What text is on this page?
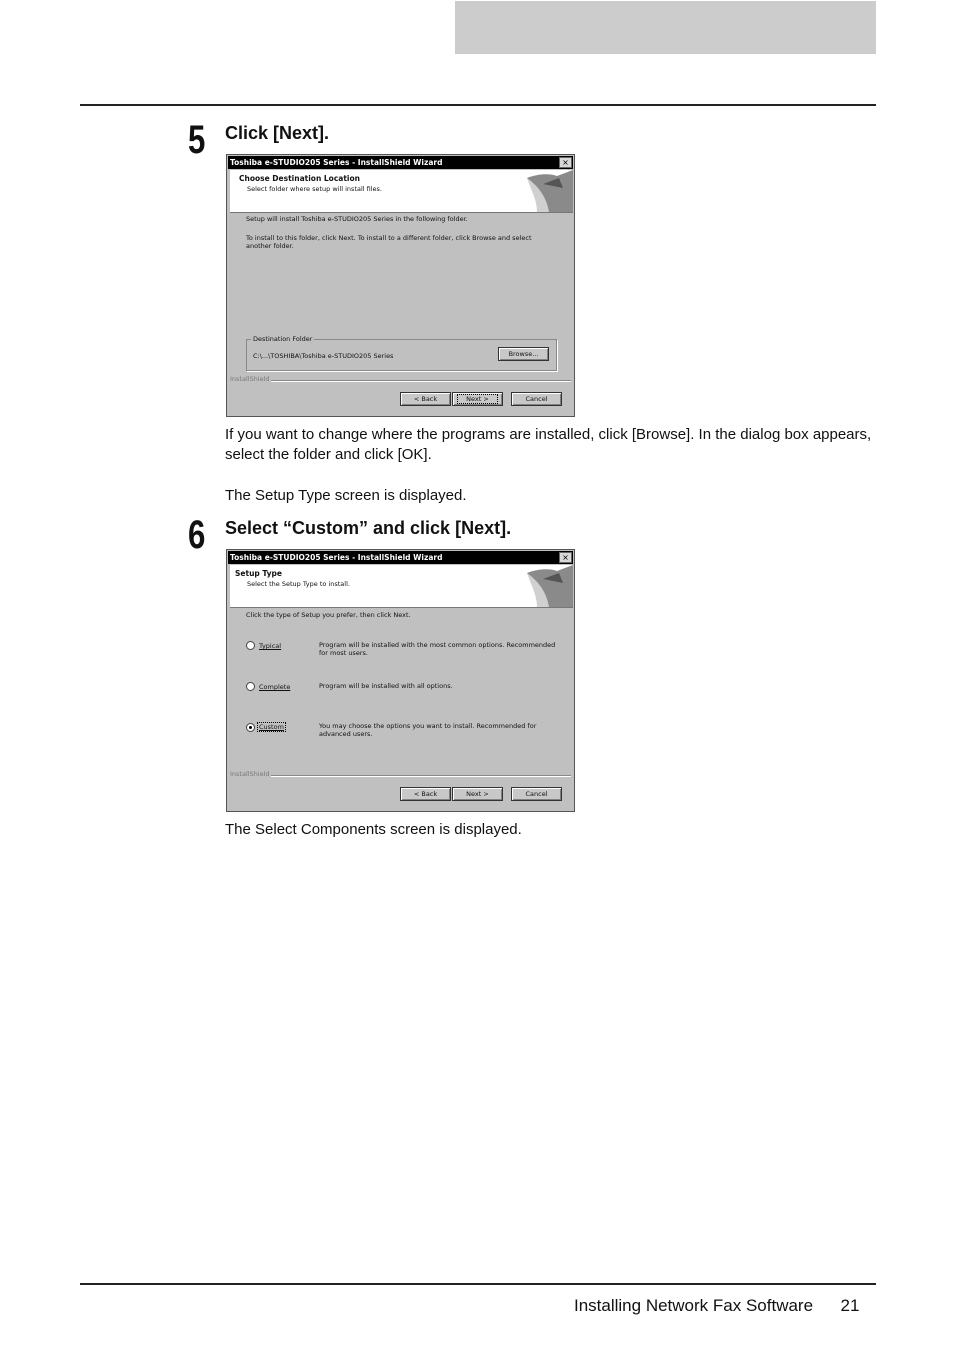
5 Click [Next].
Toshiba e-STUDIO205 Series - InstallShield Wizard	×
Choose Destination Location
Select folder where setup will install files.
Setup will install Toshiba e-STUDIO205 Series in the following folder.
To install to this folder, click Next. To install to a different folder, click Browse and select
another folder.
Destination Folder
C:\...\TOSHIBA\Toshiba e-STUDIO205 Series	Browse...
InstallShield
< Back	Next >	Cancel
If you want to change where the programs are installed, click [Browse]. In the dialog box appears, select the folder and click [OK].
The Setup Type screen is displayed.
6 Select “Custom” and click [Next].
Toshiba e-STUDIO205 Series - InstallShield Wizard	×
Setup Type
Select the Setup Type to install.
Click the type of Setup you prefer, then click Next.
Typical	Program will be installed with the most common options. Recommended
for most users.
Complete	Program will be installed with all options.
Custom	You may choose the options you want to install. Recommended for
advanced users.
InstallShield
< Back	Next >	Cancel
The Select Components screen is displayed.
Installing Network Fax Software 21
